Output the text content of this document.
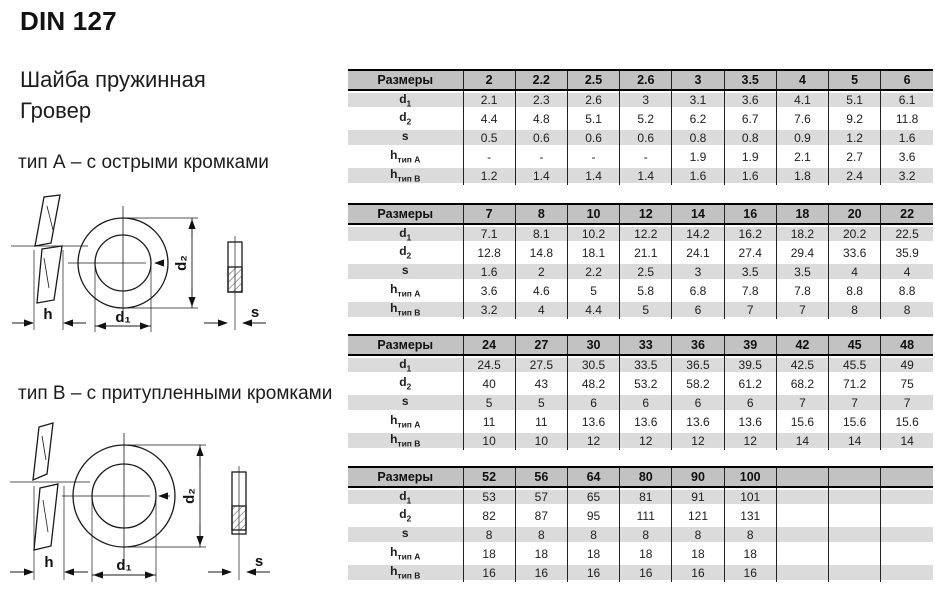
DIN 127
Шайба пружинная
Гровер
тип А – с острыми кромками
тип B – с притупленными кромками
h
d₂
d₁	s
h
d₂
d₁	s
Размеры	2	2.2	2.5	2.6	3	3.5	4	5	6
$d_1$	2.1	2.3	2.6	3	3.1	3.6	4.1	5.1	6.1
$d_2$	4.4	4.8	5.1	5.2	6.2	6.7	7.6	9.2	11.8
s	0.5	0.6	0.6	0.6	0.8	0.8	0.9	1.2	1.6
$h_{тип А}$	-	-	-	-	1.9	1.9	2.1	2.7	3.6
$h_{тип B}$	1.2	1.4	1.4	1.4	1.6	1.6	1.8	2.4	3.2
Размеры	7	8	10	12	14	16	18	20	22
$d_1$	7.1	8.1	10.2	12.2	14.2	16.2	18.2	20.2	22.5
$d_2$	12.8	14.8	18.1	21.1	24.1	27.4	29.4	33.6	35.9
s	1.6	2	2.2	2.5	3	3.5	3.5	4	4
$h_{тип А}$	3.6	4.6	5	5.8	6.8	7.8	7.8	8.8	8.8
$h_{тип B}$	3.2	4	4.4	5	6	7	7	8	8
Размеры	24	27	30	33	36	39	42	45	48
$d_1$	24.5	27.5	30.5	33.5	36.5	39.5	42.5	45.5	49
$d_2$	40	43	48.2	53.2	58.2	61.2	68.2	71.2	75
s	5	5	6	6	6	6	7	7	7
$h_{тип А}$	11	11	13.6	13.6	13.6	13.6	15.6	15.6	15.6
$h_{тип B}$	10	10	12	12	12	12	14	14	14
Размеры	52	56	64	80	90	100			
$d_1$	53	57	65	81	91	101			
$d_2$	82	87	95	111	121	131			
s	8	8	8	8	8	8			
$h_{тип А}$	18	18	18	18	18	18			
$h_{тип B}$	16	16	16	16	16	16			
